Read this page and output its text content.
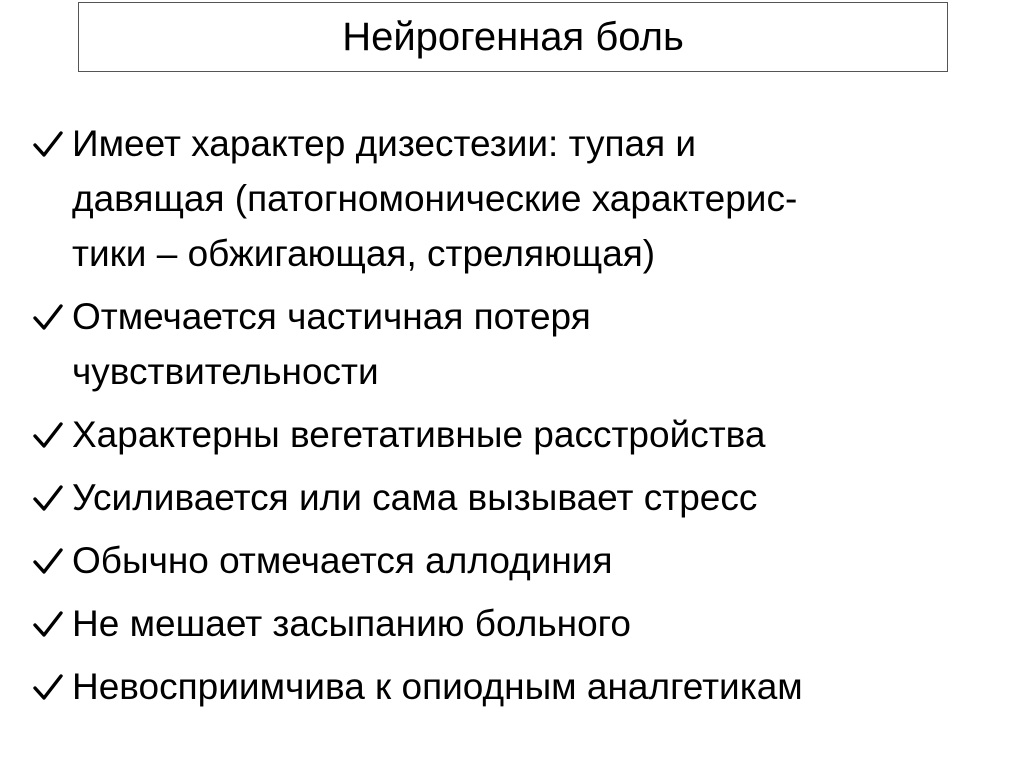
Нейрогенная боль
Имеет характер дизестезии: тупая и
давящая (патогномонические характерис-
тики – обжигающая, стреляющая)
Отмечается частичная потеря
чувствительности
Характерны вегетативные расстройства
Усиливается или сама вызывает стресс
Обычно отмечается аллодиния
Не мешает засыпанию больного
Невосприимчива к опиодным аналгетикам
